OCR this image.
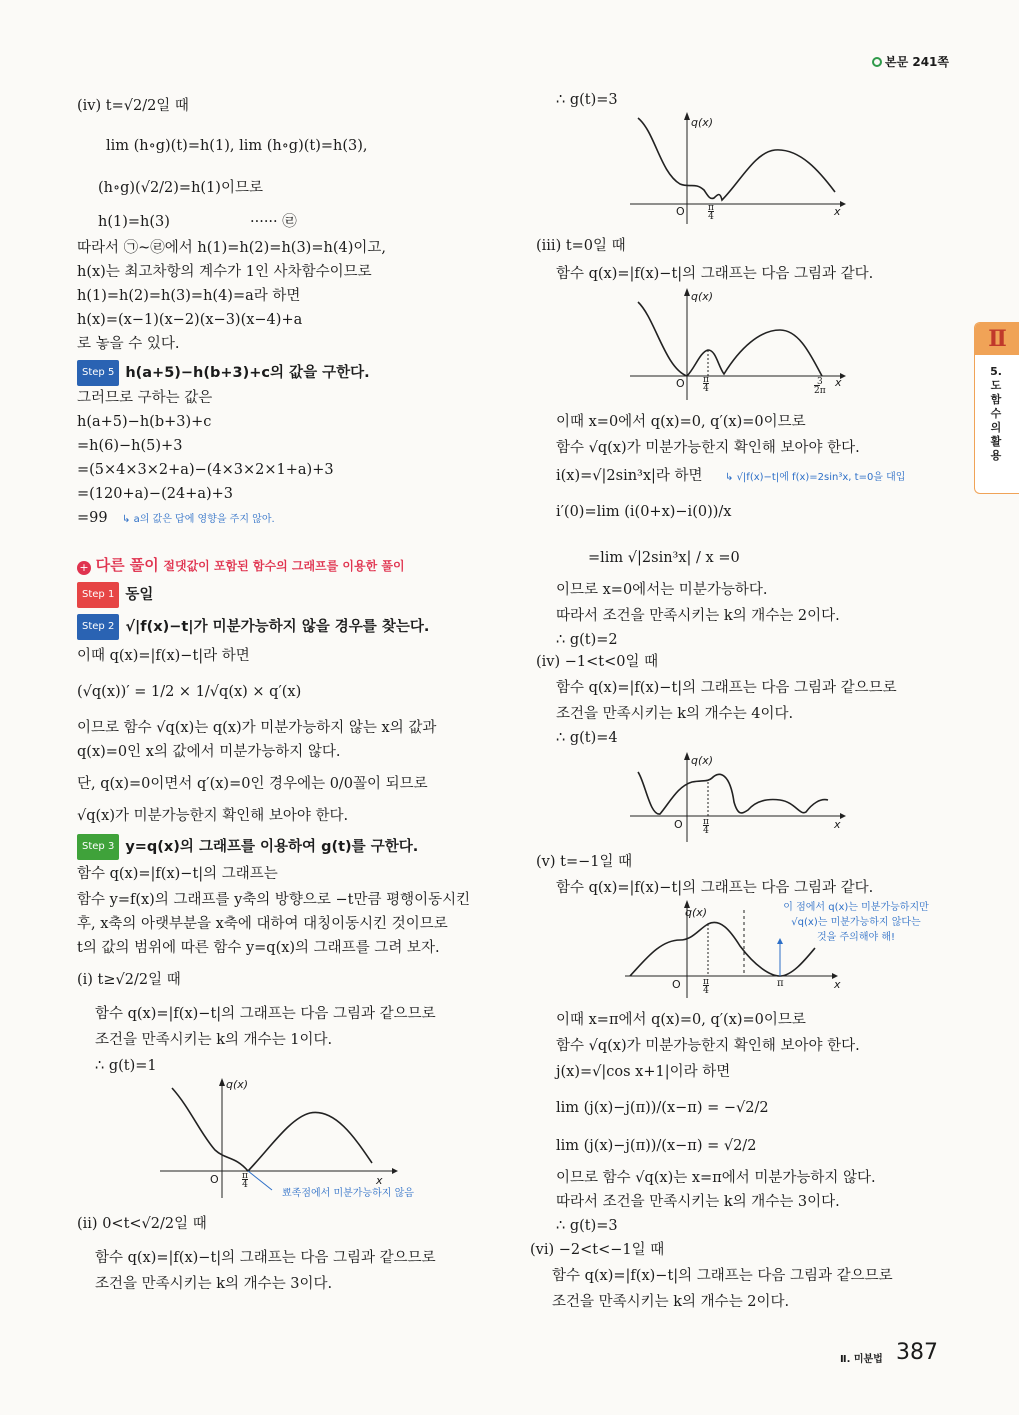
본문 241쪽
Ⅱ
5.도함수의활용
(iv) t=√2/2일 때
lim (h∘g)(t)=h(1), lim (h∘g)(t)=h(3),
(h∘g)(√2/2)=h(1)이므로
h(1)=h(3)	······ ㉣
따라서 ㉠~㉣에서 h(1)=h(2)=h(3)=h(4)이고,
h(x)는 최고차항의 계수가 1인 사차함수이므로
h(1)=h(2)=h(3)=h(4)=a라 하면
h(x)=(x−1)(x−2)(x−3)(x−4)+a
로 놓을 수 있다.
Step 5 h(a+5)−h(b+3)+c의 값을 구한다.
그러므로 구하는 값은
h(a+5)−h(b+3)+c
=h(6)−h(5)+3
=(5×4×3×2+a)−(4×3×2×1+a)+3
=(120+a)−(24+a)+3
=99 ↳ a의 값은 답에 영향을 주지 않아.
+ 다른 풀이 절댓값이 포함된 함수의 그래프를 이용한 풀이
Step 1 동일
Step 2 √|f(x)−t|가 미분가능하지 않을 경우를 찾는다.
이때 q(x)=|f(x)−t|라 하면
(√q(x))′ = 1/2 × 1/√q(x) × q′(x)
이므로 함수 √q(x)는 q(x)가 미분가능하지 않는 x의 값과
q(x)=0인 x의 값에서 미분가능하지 않다.
단, q(x)=0이면서 q′(x)=0인 경우에는 0/0꼴이 되므로
√q(x)가 미분가능한지 확인해 보아야 한다.
Step 3 y=q(x)의 그래프를 이용하여 g(t)를 구한다.
함수 q(x)=|f(x)−t|의 그래프는
함수 y=f(x)의 그래프를 y축의 방향으로 −t만큼 평행이동시킨
후, x축의 아랫부분을 x축에 대하여 대칭이동시킨 것이므로
t의 값의 범위에 따른 함수 y=q(x)의 그래프를 그려 보자.
(i) t≥√2/2일 때
함수 q(x)=|f(x)−t|의 그래프는 다음 그림과 같으므로
조건을 만족시키는 k의 개수는 1이다.
∴ g(t)=1
q(x)
x
O	π
4
뾰족점에서 미분가능하지 않음
(ii) 0<t<√2/2일 때
함수 q(x)=|f(x)−t|의 그래프는 다음 그림과 같으므로
조건을 만족시키는 k의 개수는 3이다.
∴ g(t)=3
q(x)
x
O	π
4
(iii) t=0일 때
함수 q(x)=|f(x)−t|의 그래프는 다음 그림과 같다.
q(x)
x
O π
4
3
2π
이때 x=0에서 q(x)=0, q′(x)=0이므로
함수 √q(x)가 미분가능한지 확인해 보아야 한다.
i(x)=√|2sin³x|라 하면 ↳ √|f(x)−t|에 f(x)=2sin³x, t=0을 대입
i′(0)=lim (i(0+x)−i(0))/x
=lim √|2sin³x| / x =0
이므로 x=0에서는 미분가능하다.
따라서 조건을 만족시키는 k의 개수는 2이다.
∴ g(t)=2
(iv) −1<t<0일 때
함수 q(x)=|f(x)−t|의 그래프는 다음 그림과 같으므로
조건을 만족시키는 k의 개수는 4이다.
∴ g(t)=4
q(x)
x
O π
4
(v) t=−1일 때
함수 q(x)=|f(x)−t|의 그래프는 다음 그림과 같다.
q(x)
x
O π
4
π
이 점에서 q(x)는 미분가능하지만
√q(x)는 미분가능하지 않다는
것을 주의해야 해!
이때 x=π에서 q(x)=0, q′(x)=0이므로
함수 √q(x)가 미분가능한지 확인해 보아야 한다.
j(x)=√|cos x+1|이라 하면
lim (j(x)−j(π))/(x−π) = −√2/2
lim (j(x)−j(π))/(x−π) = √2/2
이므로 함수 √q(x)는 x=π에서 미분가능하지 않다.
따라서 조건을 만족시키는 k의 개수는 3이다.
∴ g(t)=3
(vi) −2<t<−1일 때
함수 q(x)=|f(x)−t|의 그래프는 다음 그림과 같으므로
조건을 만족시키는 k의 개수는 2이다.
Ⅱ. 미분법 387
